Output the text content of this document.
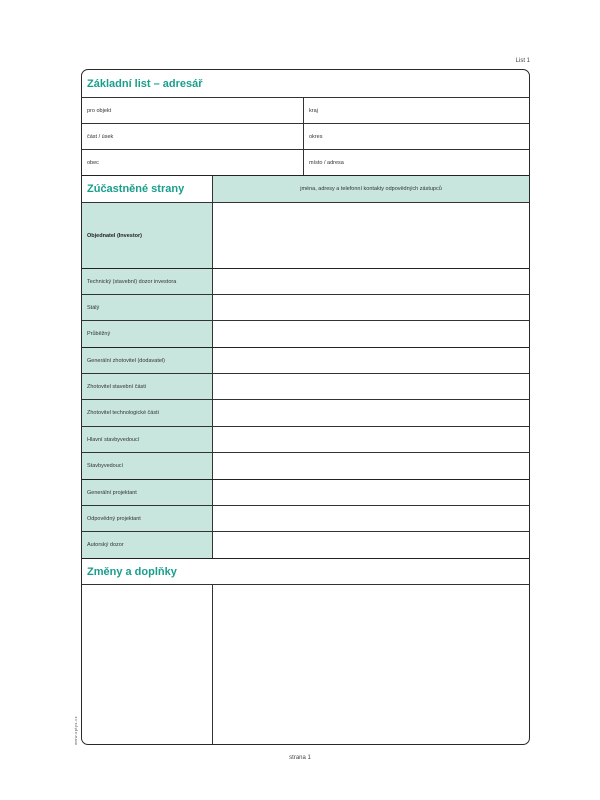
List 1
www.optys.cz
Základní list – adresář
pro objekt	kraj
část / úsek	okres
obec	místo / adresa
Zúčastněné strany	jména, adresy a telefonní kontakty odpovědných zástupců
Objednatel (Investor)
Technický (stavební) dozor investora
Stálý
Průběžný
Generální zhotovitel (dodavatel)
Zhotovitel stavební části
Zhotovitel technologické části
Hlavní stavbyvedoucí
Stavbyvedoucí
Generální projektant
Odpovědný projektant
Autorský dozor
Změny a doplňky
strana 1
